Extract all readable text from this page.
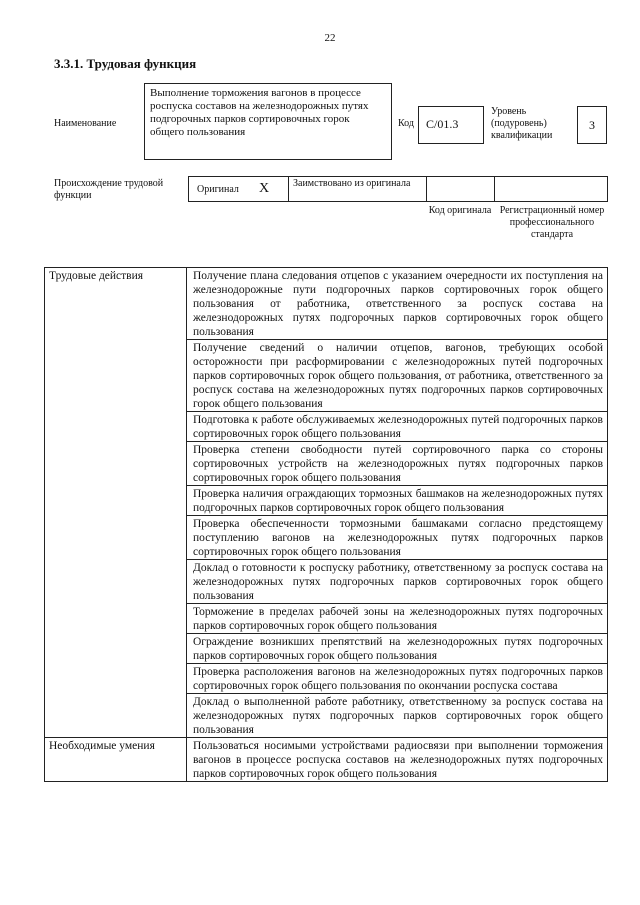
22
3.3.1. Трудовая функция
Наименование
Выполнение торможения вагонов в процессе роспуска составов на железнодорожных путях подгорочных парков сортировочных горок общего пользования
Код	С/01.3
Уровень (подуровень) квалификации
3
Происхождение трудовой функции
Оригинал X Заимствовано из оригинала
Код оригинала Регистрационный номер профессионального стандарта
Трудовые действия	Получение плана следования отцепов с указанием очередности их поступления на железнодорожные пути подгорочных парков сортировочных горок общего пользования от работника, ответственного за роспуск состава на железнодорожных путях подгорочных парков сортировочных горок общего пользования
	Получение сведений о наличии отцепов, вагонов, требующих особой осторожности при расформировании с железнодорожных путей подгорочных парков сортировочных горок общего пользования, от работника, ответственного за роспуск состава на железнодорожных путях подгорочных парков сортировочных горок общего пользования
	Подготовка к работе обслуживаемых железнодорожных путей подгорочных парков сортировочных горок общего пользования
	Проверка степени свободности путей сортировочного парка со стороны сортировочных устройств на железнодорожных путях подгорочных парков сортировочных горок общего пользования
	Проверка наличия ограждающих тормозных башмаков на железнодорожных путях подгорочных парков сортировочных горок общего пользования
	Проверка обеспеченности тормозными башмаками согласно предстоящему поступлению вагонов на железнодорожных путях подгорочных парков сортировочных горок общего пользования
	Доклад о готовности к роспуску работнику, ответственному за роспуск состава на железнодорожных путях подгорочных парков сортировочных горок общего пользования
	Торможение в пределах рабочей зоны на железнодорожных путях подгорочных парков сортировочных горок общего пользования
	Ограждение возникших препятствий на железнодорожных путях подгорочных парков сортировочных горок общего пользования
	Проверка расположения вагонов на железнодорожных путях подгорочных парков сортировочных горок общего пользования по окончании роспуска состава
	Доклад о выполненной работе работнику, ответственному за роспуск состава на железнодорожных путях подгорочных парков сортировочных горок общего пользования
Необходимые умения	Пользоваться носимыми устройствами радиосвязи при выполнении торможения вагонов в процессе роспуска составов на железнодорожных путях подгорочных парков сортировочных горок общего пользования
